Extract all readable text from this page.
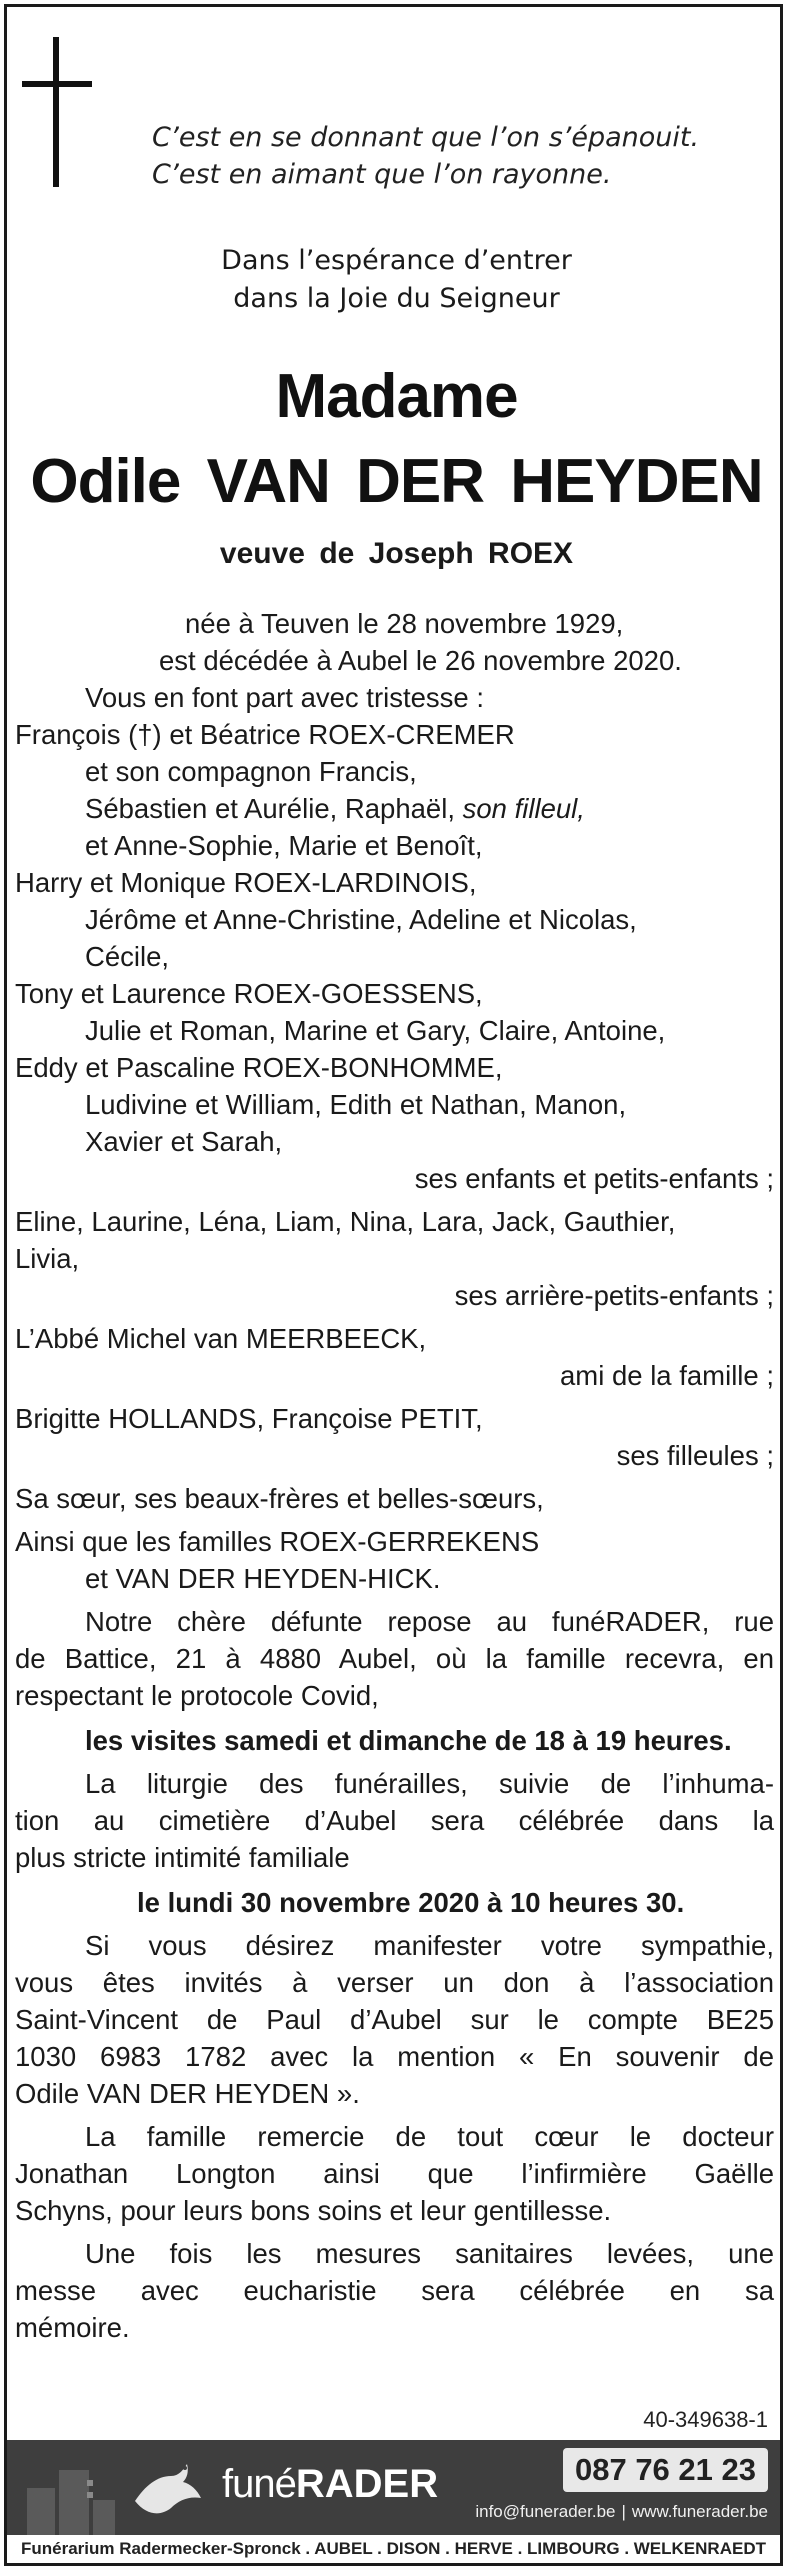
C’est en se donnant que l’on s’épanouit.
C’est en aimant que l’on rayonne.
Dans l’espérance d’entrer
dans la Joie du Seigneur
Madame
Odile VAN DER HEYDEN
veuve de Joseph ROEX
née à Teuven le 28 novembre 1929,
est décédée à Aubel le 26 novembre 2020.
Vous en font part avec tristesse :
François (†) et Béatrice ROEX-CREMER
et son compagnon Francis,
Sébastien et Aurélie, Raphaël, son filleul,
et Anne-Sophie, Marie et Benoît,
Harry et Monique ROEX-LARDINOIS,
Jérôme et Anne-Christine, Adeline et Nicolas,
Cécile,
Tony et Laurence ROEX-GOESSENS,
Julie et Roman, Marine et Gary, Claire, Antoine,
Eddy et Pascaline ROEX-BONHOMME,
Ludivine et William, Edith et Nathan, Manon,
Xavier et Sarah,
ses enfants et petits-enfants ;
Eline, Laurine, Léna, Liam, Nina, Lara, Jack, Gauthier,
Livia,
ses arrière-petits-enfants ;
L’Abbé Michel van MEERBEECK,
ami de la famille ;
Brigitte HOLLANDS, Françoise PETIT,
ses filleules ;
Sa sœur, ses beaux-frères et belles-sœurs,
Ainsi que les familles ROEX-GERREKENS
et VAN DER HEYDEN-HICK.
Notre chère défunte repose au funéRADER, rue
de Battice, 21 à 4880 Aubel, où la famille recevra, en
respectant le protocole Covid,
les visites samedi et dimanche de 18 à 19 heures.
La liturgie des funérailles, suivie de l’inhuma-
tion au cimetière d’Aubel sera célébrée dans la
plus stricte intimité familiale
le lundi 30 novembre 2020 à 10 heures 30.
Si vous désirez manifester votre sympathie,
vous êtes invités à verser un don à l’association
Saint-Vincent de Paul d’Aubel sur le compte BE25
1030 6983 1782 avec la mention « En souvenir de
Odile VAN DER HEYDEN ».
La famille remercie de tout cœur le docteur
Jonathan Longton ainsi que l’infirmière Gaëlle
Schyns, pour leurs bons soins et leur gentillesse.
Une fois les mesures sanitaires levées, une
messe avec eucharistie sera célébrée en sa
mémoire.
40-349638-1
funéRADER	087 76 21 23
info@funerader.be | www.funerader.be
Funérarium Radermecker-Spronck . AUBEL . DISON . HERVE . LIMBOURG . WELKENRAEDT
